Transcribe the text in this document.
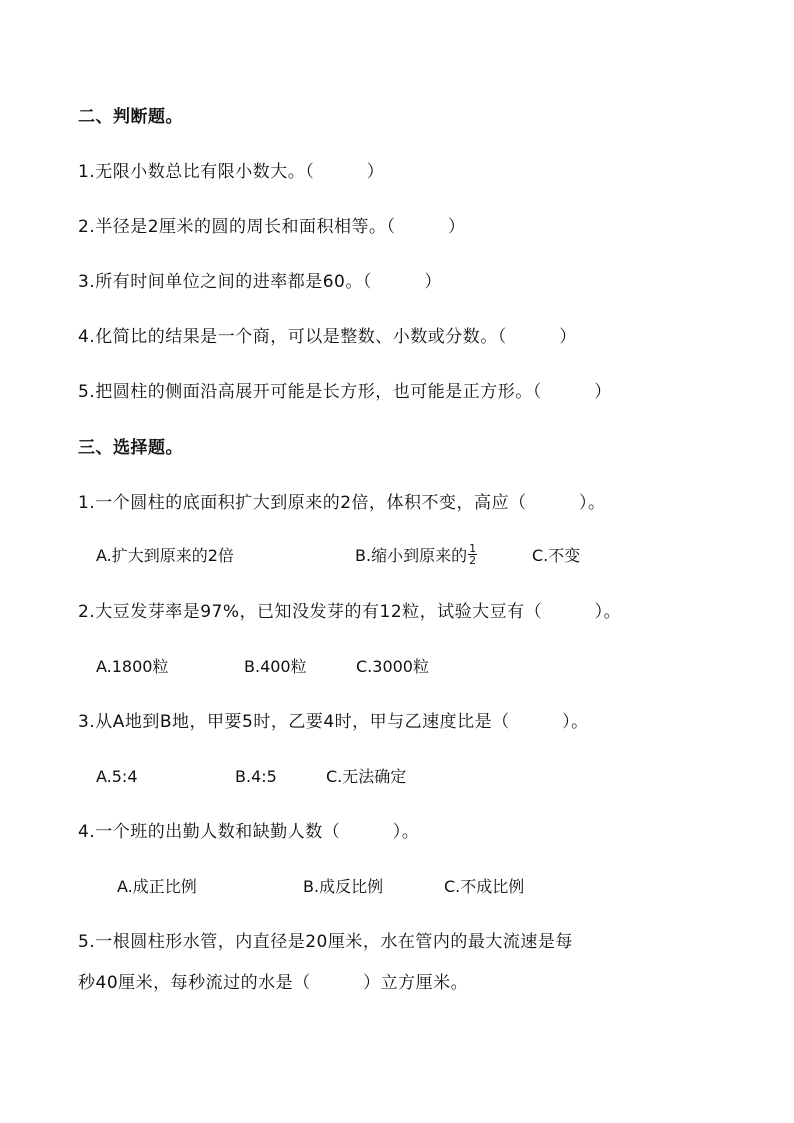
二、判断题。
1.无限小数总比有限小数大。（　　　）
2.半径是2厘米的圆的周长和面积相等。（　　　）
3.所有时间单位之间的进率都是60。（　　　）
4.化简比的结果是一个商，可以是整数、小数或分数。（　　　）
5.把圆柱的侧面沿高展开可能是长方形，也可能是正方形。（　　　）
三、选择题。
1.一个圆柱的底面积扩大到原来的2倍，体积不变，高应（　　　）。
A.扩大到原来的2倍	B.缩小到原来的 $\frac{1}{2}$	C.不变
2.大豆发芽率是97%，已知没发芽的有12粒，试验大豆有（　　　）。
A.1800粒	B.400粒	C.3000粒
3.从A地到B地，甲要5时，乙要4时，甲与乙速度比是（　　　）。
A.5:4	B.4:5	C.无法确定
4.一个班的出勤人数和缺勤人数（　　　）。
A.成正比例	B.成反比例	C.不成比例
5.一根圆柱形水管，内直径是20厘米，水在管内的最大流速是每
秒40厘米，每秒流过的水是（　　　）立方厘米。
